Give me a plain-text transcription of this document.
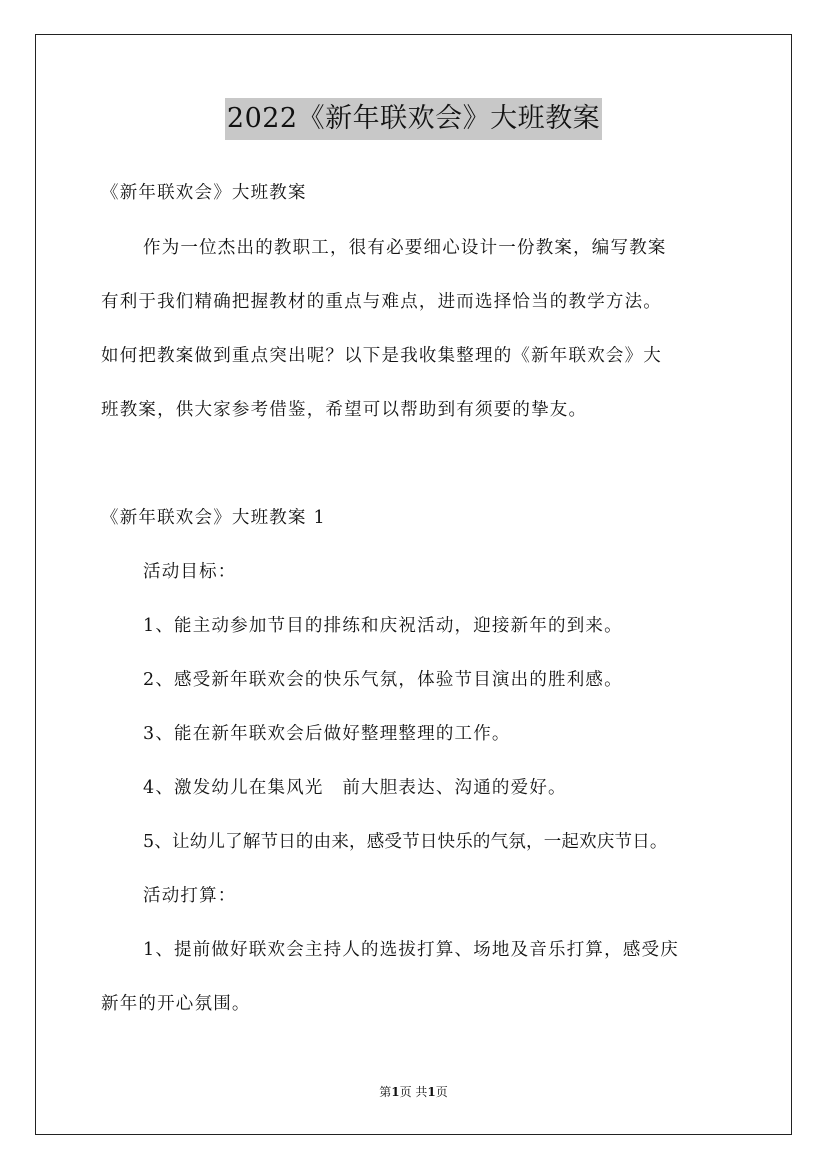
2022《新年联欢会》大班教案
《新年联欢会》大班教案
作为一位杰出的教职工，很有必要细心设计一份教案，编写教案
有利于我们精确把握教材的重点与难点，进而选择恰当的教学方法。
如何把教案做到重点突出呢？以下是我收集整理的《新年联欢会》大
班教案，供大家参考借鉴，希望可以帮助到有须要的挚友。
《新年联欢会》大班教案 1
活动目标：
1、能主动参加节目的排练和庆祝活动，迎接新年的到来。
2、感受新年联欢会的快乐气氛，体验节目演出的胜利感。
3、能在新年联欢会后做好整理整理的工作。
4、激发幼儿在集风光　前大胆表达、沟通的爱好。
5、让幼儿了解节日的由来，感受节日快乐的气氛，一起欢庆节日。
活动打算：
1、提前做好联欢会主持人的选拔打算、场地及音乐打算，感受庆
新年的开心氛围。
第1页 共1页
